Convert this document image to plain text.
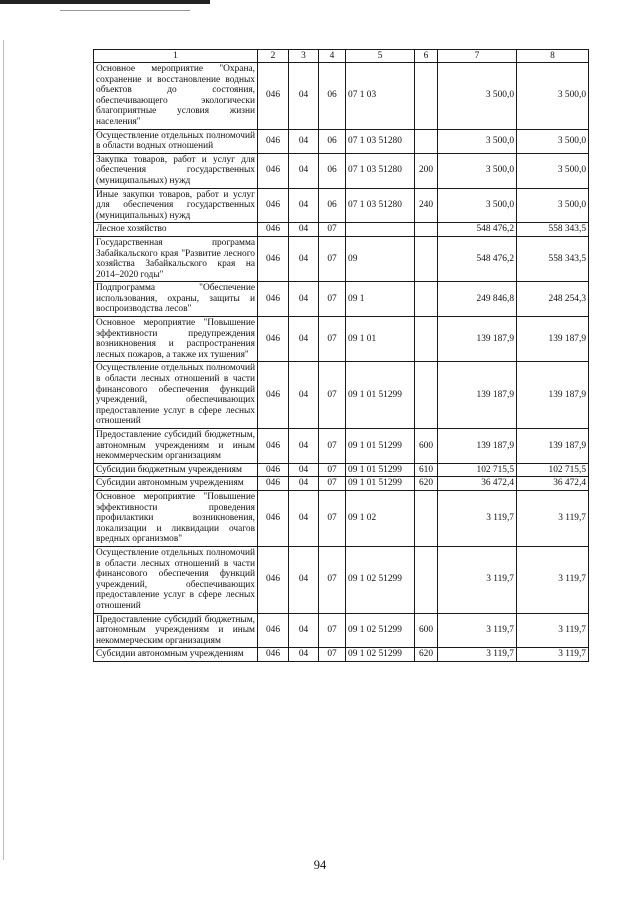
1	2	3	4	5	6	7	8
Основное мероприятие "Охрана, сохранение и восстановление водных объектов до состояния, обеспечивающего экологически благоприятные условия жизни населения"	046	04	06	07 1 03		3 500,0	3 500,0
Осуществление отдельных полномочий в области водных отношений	046	04	06	07 1 03 51280		3 500,0	3 500,0
Закупка товаров, работ и услуг для обеспечения государственных (муниципальных) нужд	046	04	06	07 1 03 51280	200	3 500,0	3 500,0
Иные закупки товаров, работ и услуг для обеспечения государственных (муниципальных) нужд	046	04	06	07 1 03 51280	240	3 500,0	3 500,0
Лесное хозяйство	046	04	07			548 476,2	558 343,5
Государственная программа Забайкальского края "Развитие лесного хозяйства Забайкальского края на 2014–2020 годы"	046	04	07	09		548 476,2	558 343,5
Подпрограмма "Обеспечение использования, охраны, защиты и воспроизводства лесов"	046	04	07	09 1		249 846,8	248 254,3
Основное мероприятие "Повышение эффективности предупреждения возникновения и распространения лесных пожаров, а также их тушения"	046	04	07	09 1 01		139 187,9	139 187,9
Осуществление отдельных полномочий в области лесных отношений в части финансового обеспечения функций учреждений, обеспечивающих предоставление услуг в сфере лесных отношений	046	04	07	09 1 01 51299		139 187,9	139 187,9
Предоставление субсидий бюджетным, автономным учреждениям и иным некоммерческим организациям	046	04	07	09 1 01 51299	600	139 187,9	139 187,9
Субсидии бюджетным учреждениям	046	04	07	09 1 01 51299	610	102 715,5	102 715,5
Субсидии автономным учреждениям	046	04	07	09 1 01 51299	620	36 472,4	36 472,4
Основное мероприятие "Повышение эффективности проведения профилактики возникновения, локализации и ликвидации очагов вредных организмов"	046	04	07	09 1 02		3 119,7	3 119,7
Осуществление отдельных полномочий в области лесных отношений в части финансового обеспечения функций учреждений, обеспечивающих предоставление услуг в сфере лесных отношений	046	04	07	09 1 02 51299		3 119,7	3 119,7
Предоставление субсидий бюджетным, автономным учреждениям и иным некоммерческим организациям	046	04	07	09 1 02 51299	600	3 119,7	3 119,7
Субсидии автономным учреждениям	046	04	07	09 1 02 51299	620	3 119,7	3 119,7
94
